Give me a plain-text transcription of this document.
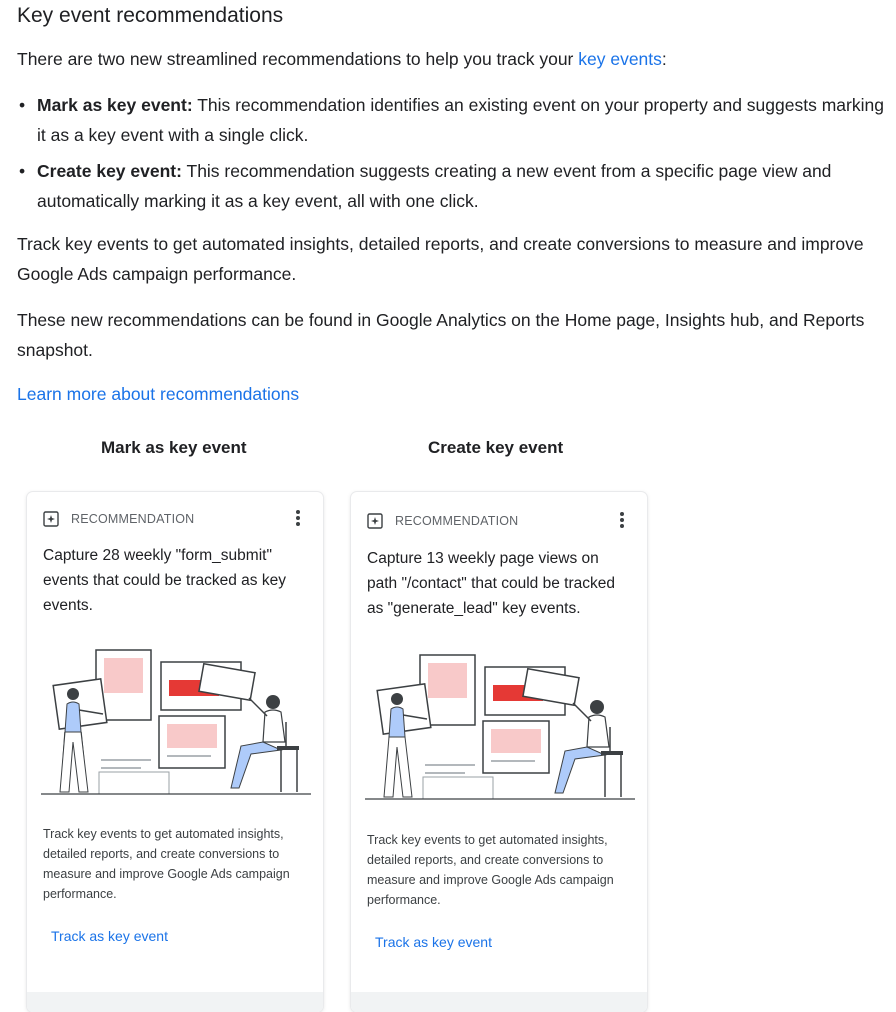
Key event recommendations

There are two new streamlined recommendations to help you track your key events:

• Mark as key event: This recommendation identifies an existing event on your property and suggests marking it as a key event with a single click.
• Create key event: This recommendation suggests creating a new event from a specific page view and automatically marking it as a key event, all with one click.

Track key events to get automated insights, detailed reports, and create conversions to measure and improve Google Ads campaign performance.

These new recommendations can be found in Google Analytics on the Home page, Insights hub, and Reports snapshot.

Learn more about recommendations
Mark as key event	Create key event
RECOMMENDATION
Capture 28 weekly "form_submit" events that could be tracked as key events.
Track key events to get automated insights, detailed reports, and create conversions to measure and improve Google Ads campaign performance.
Track as key event
RECOMMENDATION
Capture 13 weekly page views on path "/contact" that could be tracked as "generate_lead" key events.
Track key events to get automated insights, detailed reports, and create conversions to measure and improve Google Ads campaign performance.
Track as key event
